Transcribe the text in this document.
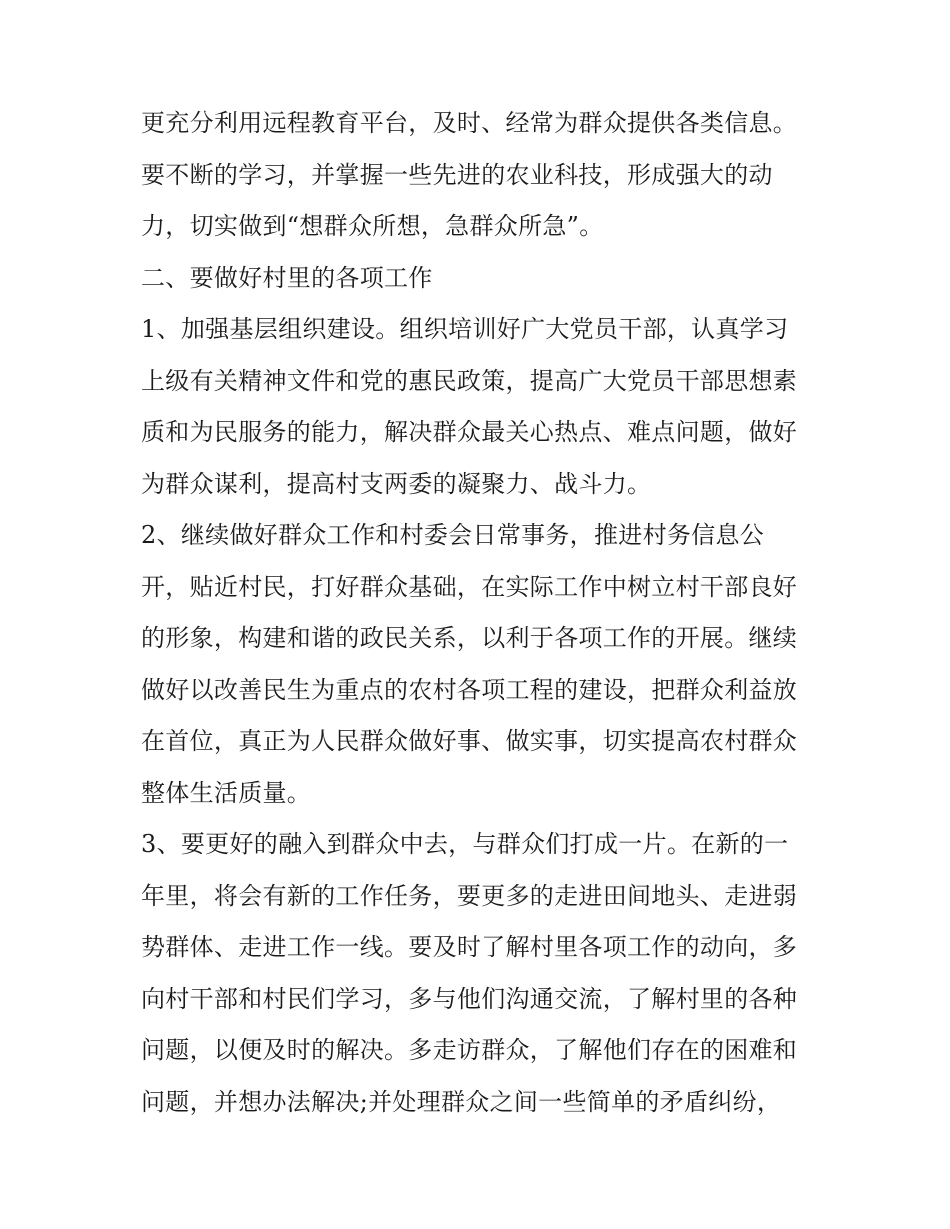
更充分利用远程教育平台，及时、经常为群众提供各类信息。
要不断的学习，并掌握一些先进的农业科技，形成强大的动
力，切实做到“想群众所想，急群众所急”。
二、要做好村里的各项工作
1、加强基层组织建设。组织培训好广大党员干部，认真学习
上级有关精神文件和党的惠民政策，提高广大党员干部思想素
质和为民服务的能力，解决群众最关心热点、难点问题，做好
为群众谋利，提高村支两委的凝聚力、战斗力。
2、继续做好群众工作和村委会日常事务，推进村务信息公
开，贴近村民，打好群众基础，在实际工作中树立村干部良好
的形象，构建和谐的政民关系，以利于各项工作的开展。继续
做好以改善民生为重点的农村各项工程的建设，把群众利益放
在首位，真正为人民群众做好事、做实事，切实提高农村群众
整体生活质量。
3、要更好的融入到群众中去，与群众们打成一片。在新的一
年里，将会有新的工作任务，要更多的走进田间地头、走进弱
势群体、走进工作一线。要及时了解村里各项工作的动向，多
向村干部和村民们学习，多与他们沟通交流，了解村里的各种
问题，以便及时的解决。多走访群众，了解他们存在的困难和
问题，并想办法解决;并处理群众之间一些简单的矛盾纠纷，
